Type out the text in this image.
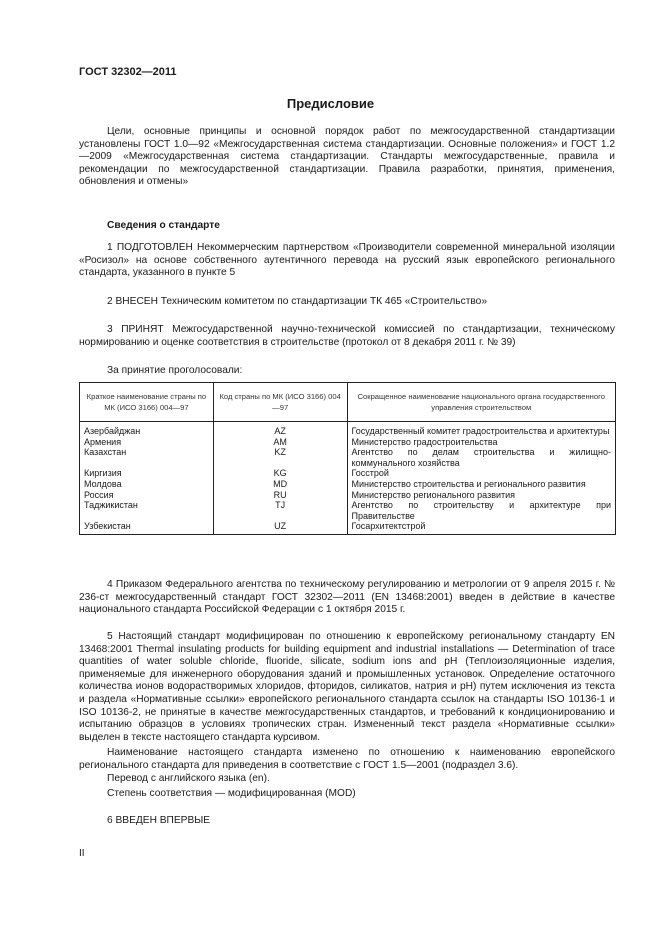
ГОСТ 32302—2011
Предисловие
Цели, основные принципы и основной порядок работ по межгосударственной стандартизации установлены ГОСТ 1.0—92 «Межгосударственная система стандартизации. Основные положения» и ГОСТ 1.2—2009 «Межгосударственная система стандартизации. Стандарты межгосударственные, правила и рекомендации по межгосударственной стандартизации. Правила разработки, принятия, применения, обновления и отмены»
Сведения о стандарте
1 ПОДГОТОВЛЕН Некоммерческим партнерством «Производители современной минеральной изоляции «Росизол» на основе собственного аутентичного перевода на русский язык европейского регионального стандарта, указанного в пункте 5
2 ВНЕСЕН Техническим комитетом по стандартизации ТК 465 «Строительство»
3 ПРИНЯТ Межгосударственной научно-технической комиссией по стандартизации, техническому нормированию и оценке соответствия в строительстве (протокол от 8 декабря 2011 г. № 39)
За принятие проголосовали:
Краткое наименование страны по МК (ИСО 3166) 004—97	Код страны по МК (ИСО 3166) 004—97	Сокращенное наименование национального органа государственного управления строительством
Азербайджан	AZ	Государственный комитет градостроительства и архитектуры
Армения	AM	Министерство градостроительства
Казахстан	KZ	Агентство по делам строительства и жилищно-коммунального хозяйства
Киргизия	KG	Госстрой
Молдова	MD	Министерство строительства и регионального развития
Россия	RU	Министерство регионального развития
Таджикистан	TJ	Агентство по строительству и архитектуре при Правительстве
Узбекистан	UZ	Госархитектстрой
4 Приказом Федерального агентства по техническому регулированию и метрологии от 9 апреля 2015 г. № 236-ст межгосударственный стандарт ГОСТ 32302—2011 (EN 13468:2001) введен в действие в качестве национального стандарта Российской Федерации с 1 октября 2015 г.
5 Настоящий стандарт модифицирован по отношению к европейскому региональному стандарту EN 13468:2001 Thermal insulating products for building equipment and industrial installations — Determination of trace quantities of water soluble chloride, fluoride, silicate, sodium ions and pH (Теплоизоляционные изделия, применяемые для инженерного оборудования зданий и промышленных установок. Определение остаточного количества ионов водорастворимых хлоридов, фторидов, силикатов, натрия и pH) путем исключения из текста и раздела «Нормативные ссылки» европейского регионального стандарта ссылок на стандарты ISO 10136-1 и ISO 10136-2, не принятые в качестве межгосударственных стандартов, и требований к кондиционированию и испытанию образцов в условиях тропических стран. Измененный текст раздела «Нормативные ссылки» выделен в тексте настоящего стандарта курсивом.
Наименование настоящего стандарта изменено по отношению к наименованию европейского регионального стандарта для приведения в соответствие с ГОСТ 1.5—2001 (подраздел 3.6).
Перевод с английского языка (en).
Степень соответствия — модифицированная (MOD)
6 ВВЕДЕН ВПЕРВЫЕ
II
